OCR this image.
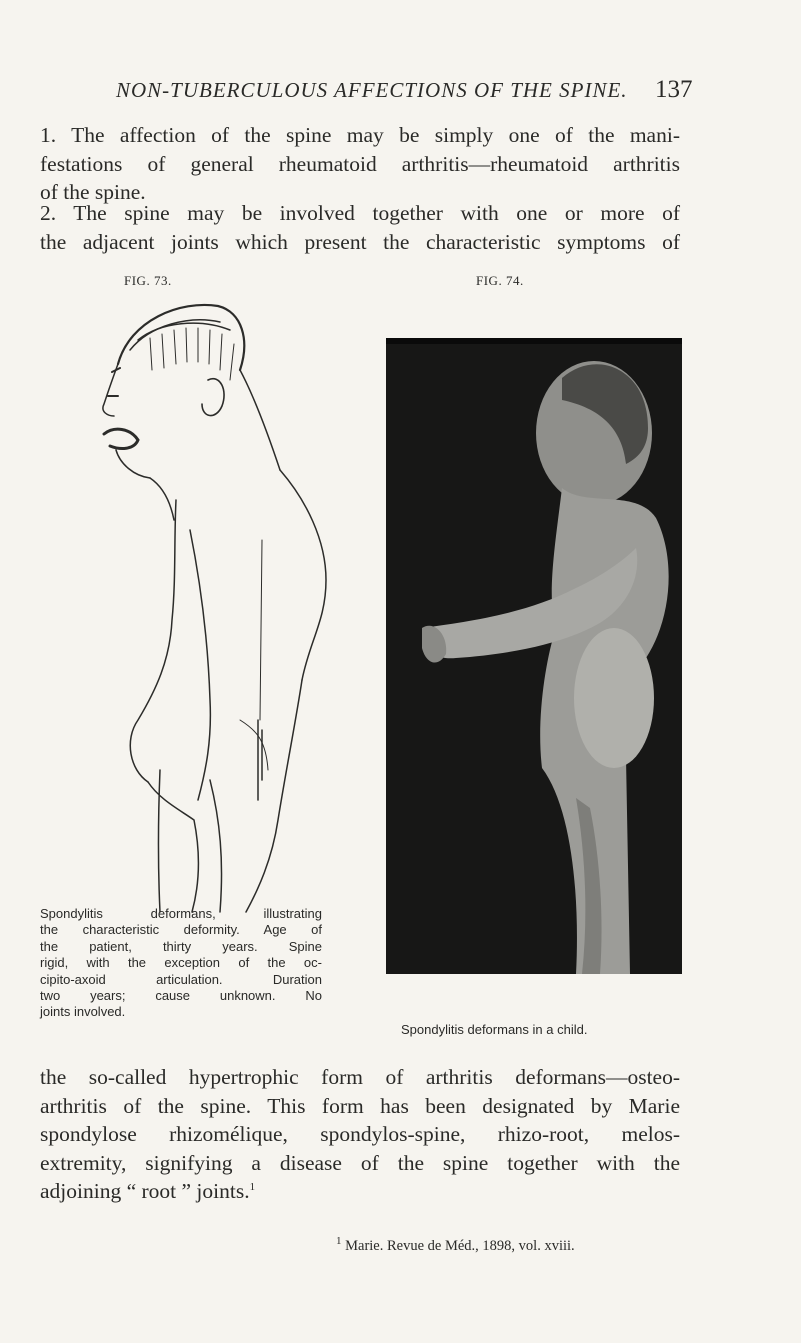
NON-TUBERCULOUS AFFECTIONS OF THE SPINE. 137

1. The affection of the spine may be simply one of the mani-
festations of general rheumatoid arthritis—rheumatoid arthritis
of the spine.

2. The spine may be involved together with one or more of
the adjacent joints which present the characteristic symptoms of

FIG. 73.	FIG. 74.
Spondylitis deformans, illustrating
the characteristic deformity. Age of
the patient, thirty years. Spine
rigid, with the exception of the oc-
cipito-axoid articulation. Duration
two years; cause unknown. No
joints involved.
Spondylitis deformans in a child.

the so-called hypertrophic form of arthritis deformans—osteo-
arthritis of the spine. This form has been designated by Marie
spondylose rhizomélique, spondylos-spine, rhizo-root, melos-
extremity, signifying a disease of the spine together with the
adjoining “ root ” joints.$^1$

$^1$ Marie. Revue de Méd., 1898, vol. xviii.
